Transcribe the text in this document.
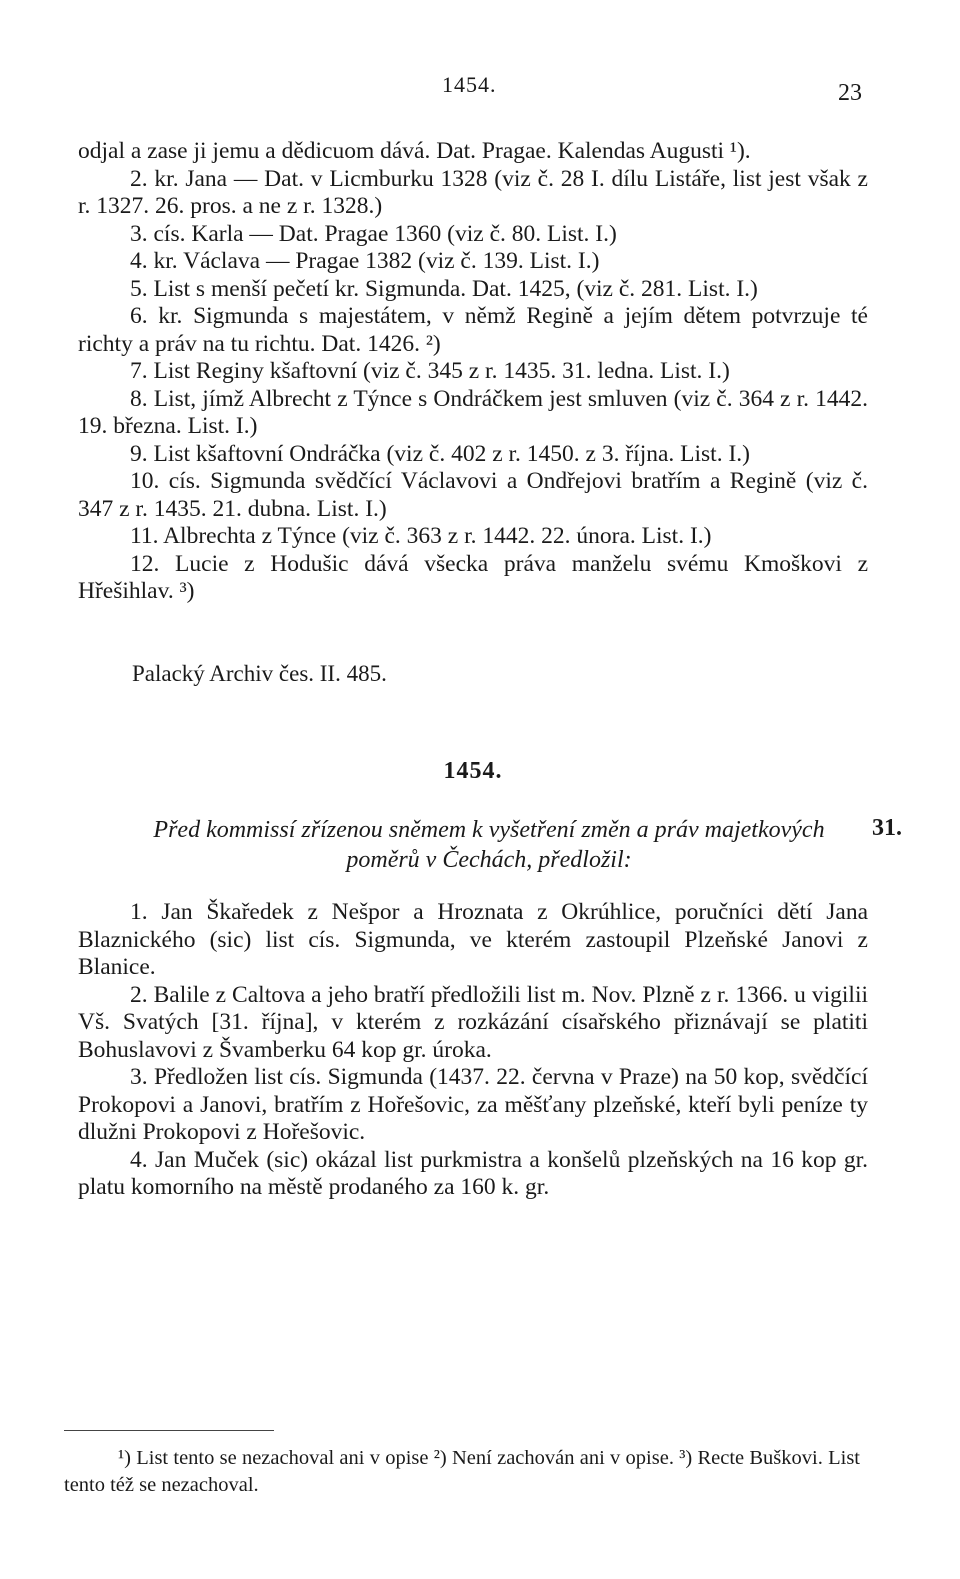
1454.	23

odjal a zase ji jemu a dědicuom dává. Dat. Pragae. Kalendas Augusti ¹).

2. kr. Jana — Dat. v Licmburku 1328 (viz č. 28 I. dílu Listáře, list jest však z r. 1327. 26. pros. a ne z r. 1328.)

3. cís. Karla — Dat. Pragae 1360 (viz č. 80. List. I.)

4. kr. Václava — Pragae 1382 (viz č. 139. List. I.)

5. List s menší pečetí kr. Sigmunda. Dat. 1425, (viz č. 281. List. I.)

6. kr. Sigmunda s majestátem, v němž Regině a jejím dětem potvrzuje té richty a práv na tu richtu. Dat. 1426. ²)

7. List Reginy kšaftovní (viz č. 345 z r. 1435. 31. ledna. List. I.)

8. List, jímž Albrecht z Týnce s Ondráčkem jest smluven (viz č. 364 z r. 1442. 19. března. List. I.)

9. List kšaftovní Ondráčka (viz č. 402 z r. 1450. z 3. října. List. I.)

10. cís. Sigmunda svědčící Václavovi a Ondřejovi bratřím a Regině (viz č. 347 z r. 1435. 21. dubna. List. I.)

11. Albrechta z Týnce (viz č. 363 z r. 1442. 22. února. List. I.)

12. Lucie z Hodušic dává všecka práva manželu svému Kmoškovi z Hřešihlav. ³)

Palacký Archiv čes. II. 485.
1454.
Před kommissí zřízenou sněmem k vyšetření změn a práv majetkových poměrů v Čechách, předložil:
31.

1. Jan Škaředek z Nešpor a Hroznata z Okrúhlice, poručníci dětí Jana Blaznického (sic) list cís. Sigmunda, ve kterém zastoupil Plzeňské Janovi z Blanice.

2. Balile z Caltova a jeho bratří předložili list m. Nov. Plzně z r. 1366. u vigilii Vš. Svatých [31. října], v kterém z rozkázání císařského přiznávají se platiti Bohuslavovi z Švamberku 64 kop gr. úroka.

3. Předložen list cís. Sigmunda (1437. 22. června v Praze) na 50 kop, svědčící Prokopovi a Janovi, bratřím z Hořešovic, za měšťany plzeňské, kteří byli peníze ty dlužni Prokopovi z Hořešovic.

4. Jan Muček (sic) okázal list purkmistra a konšelů plzeňských na 16 kop gr. platu komorního na městě prodaného za 160 k. gr.

¹) List tento se nezachoval ani v opise ²) Není zachován ani v opise. ³) Recte Buškovi. List tento též se nezachoval.
